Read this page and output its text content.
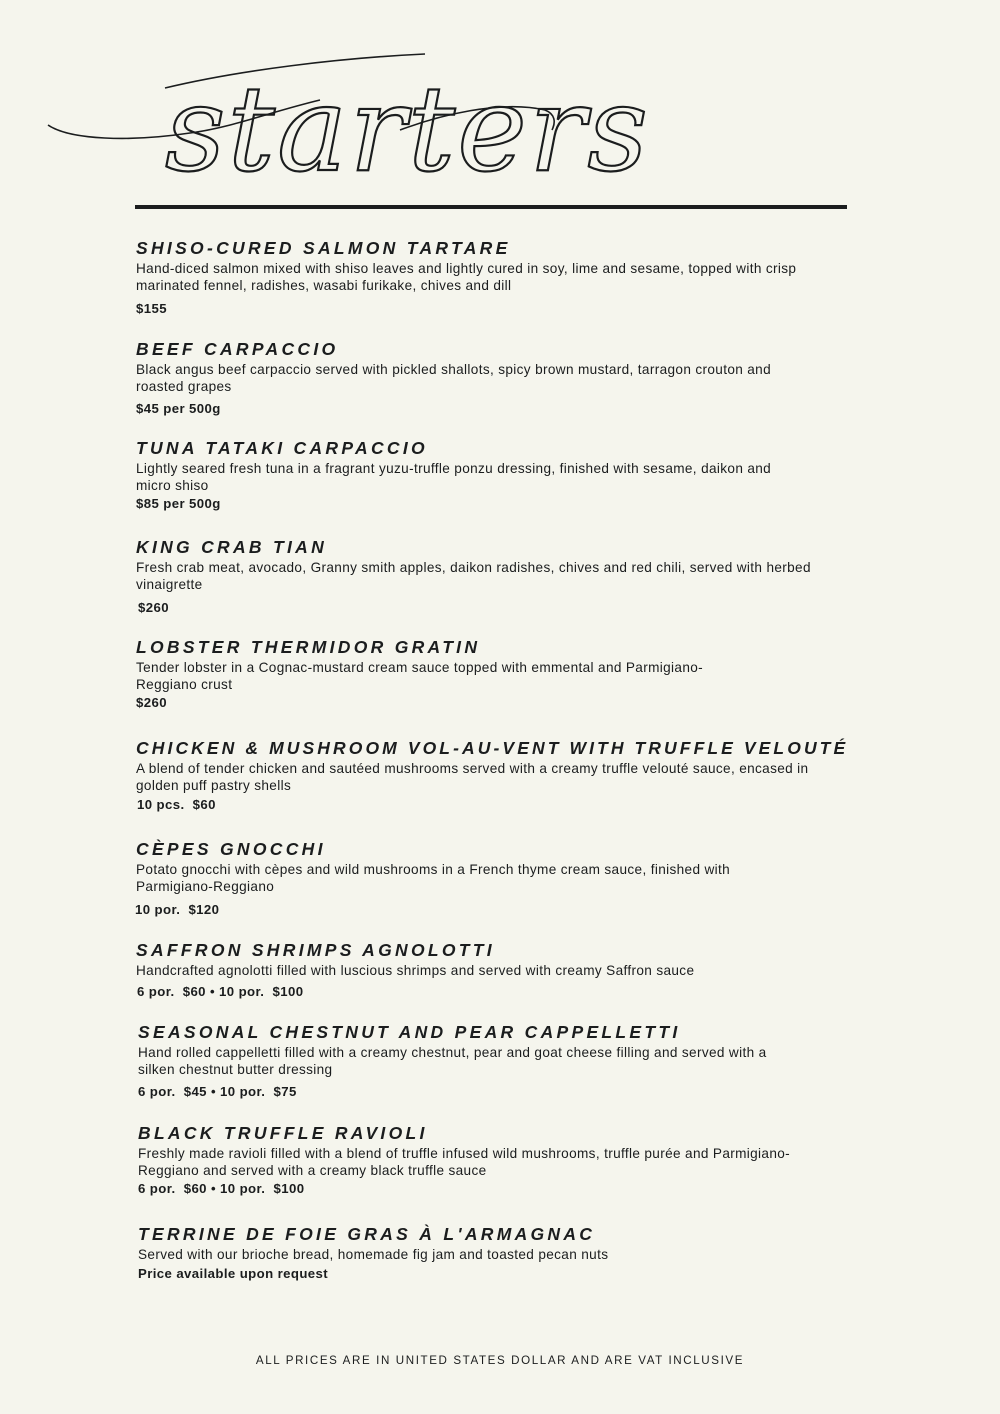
starters
SHISO-CURED SALMON TARTARE

Hand-diced salmon mixed with shiso leaves and lightly cured in soy, lime and sesame, topped with crisp marinated fennel, radishes, wasabi furikake, chives and dill

$155
BEEF CARPACCIO

Black angus beef carpaccio served with pickled shallots, spicy brown mustard, tarragon crouton and roasted grapes

$45 per 500g
TUNA TATAKI CARPACCIO

Lightly seared fresh tuna in a fragrant yuzu-truffle ponzu dressing, finished with sesame, daikon and micro shiso

$85 per 500g
KING CRAB TIAN

Fresh crab meat, avocado, Granny smith apples, daikon radishes, chives and red chili, served with herbed vinaigrette

$260
LOBSTER THERMIDOR GRATIN

Tender lobster in a Cognac-mustard cream sauce topped with emmental and Parmigiano-Reggiano crust

$260
CHICKEN & MUSHROOM VOL-AU-VENT WITH TRUFFLE VELOUTÉ

A blend of tender chicken and sautéed mushrooms served with a creamy truffle velouté sauce, encased in golden puff pastry shells

10 pcs.  $60
CÈPES GNOCCHI

Potato gnocchi with cèpes and wild mushrooms in a French thyme cream sauce, finished with Parmigiano-Reggiano

10 por.  $120
SAFFRON SHRIMPS AGNOLOTTI

Handcrafted agnolotti filled with luscious shrimps and served with creamy Saffron sauce

6 por.  $60 • 10 por.  $100
SEASONAL CHESTNUT AND PEAR CAPPELLETTI

Hand rolled cappelletti filled with a creamy chestnut, pear and goat cheese filling and served with a silken chestnut butter dressing

6 por.  $45 • 10 por.  $75
BLACK TRUFFLE RAVIOLI

Freshly made ravioli filled with a blend of truffle infused wild mushrooms, truffle purée and Parmigiano-Reggiano and served with a creamy black truffle sauce

6 por.  $60 • 10 por.  $100
TERRINE DE FOIE GRAS À L'ARMAGNAC

Served with our brioche bread, homemade fig jam and toasted pecan nuts

Price available upon request
ALL PRICES ARE IN UNITED STATES DOLLAR AND ARE VAT INCLUSIVE
